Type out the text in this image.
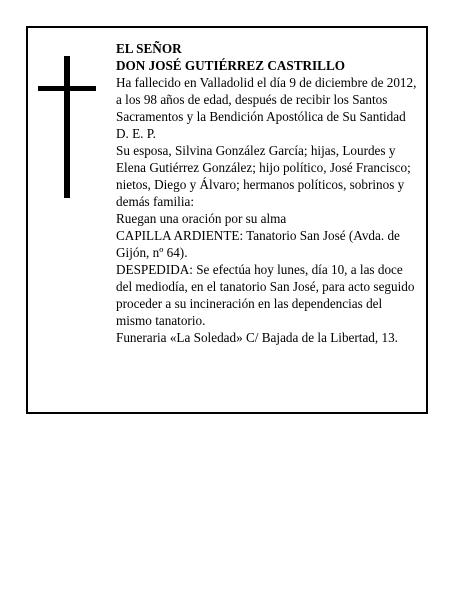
EL SEÑOR

DON JOSÉ GUTIÉRREZ CASTRILLO

Ha fallecido en Valladolid el día 9 de diciembre de 2012, a los 98 años de edad, después de recibir los Santos Sacramentos y la Bendición Apostólica de Su Santidad

D. E. P.

Su esposa, Silvina González García; hijas, Lourdes y Elena Gutiérrez González; hijo político, José Francisco; nietos, Diego y Álvaro; hermanos políticos, sobrinos y demás familia:

Ruegan una oración por su alma

CAPILLA ARDIENTE: Tanatorio San José (Avda. de Gijón, nº 64).

DESPEDIDA: Se efectúa hoy lunes, día 10, a las doce del mediodía, en el tanatorio San José, para acto seguido proceder a su incineración en las dependencias del mismo tanatorio.

Funeraria «La Soledad» C/ Bajada de la Libertad, 13.
